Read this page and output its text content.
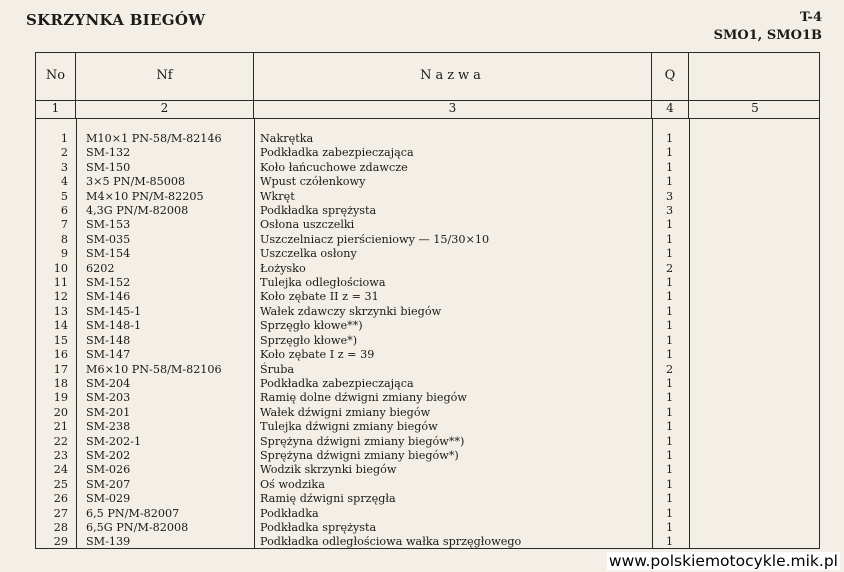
SKRZYNKA BIEGÓW	T-4
SMO1, SMO1B
No	Nf	Nazwa	Q
1	2	3	4	5
1 M10×1 PN-58/M-82146	Nakrętka	1
2 SM-132	Podkładka zabezpieczająca	1
3 SM-150	Koło łańcuchowe zdawcze	1
4 3×5 PN/M-85008	Wpust czółenkowy	1
5 M4×10 PN/M-82205	Wkręt	3
6 4,3G PN/M-82008	Podkładka sprężysta	3
7 SM-153	Osłona uszczelki	1
8 SM-035	Uszczelniacz pierścieniowy — 15/30×10	1
9 SM-154	Uszczelka osłony	1
10 6202	Łożysko	2
11 SM-152	Tulejka odległościowa	1
12 SM-146	Koło zębate II z = 31	1
13 SM-145-1	Wałek zdawczy skrzynki biegów	1
14 SM-148-1	Sprzęgło kłowe**)	1
15 SM-148	Sprzęgło kłowe*)	1
16 SM-147	Koło zębate I z = 39	1
17 M6×10 PN-58/M-82106	Śruba	2
18 SM-204	Podkładka zabezpieczająca	1
19 SM-203	Ramię dolne dźwigni zmiany biegów	1
20 SM-201	Wałek dźwigni zmiany biegów	1
21 SM-238	Tulejka dźwigni zmiany biegów	1
22 SM-202-1	Sprężyna dźwigni zmiany biegów**)	1
23 SM-202	Sprężyna dźwigni zmiany biegów*)	1
24 SM-026	Wodzik skrzynki biegów	1
25 SM-207	Oś wodzika	1
26 SM-029	Ramię dźwigni sprzęgła	1
27 6,5 PN/M-82007	Podkładka	1
28 6,5G PN/M-82008	Podkładka sprężysta	1
29 SM-139	Podkładka odległościowa wałka sprzęgłowego	1
www.polskiemotocykle.mik.pl
